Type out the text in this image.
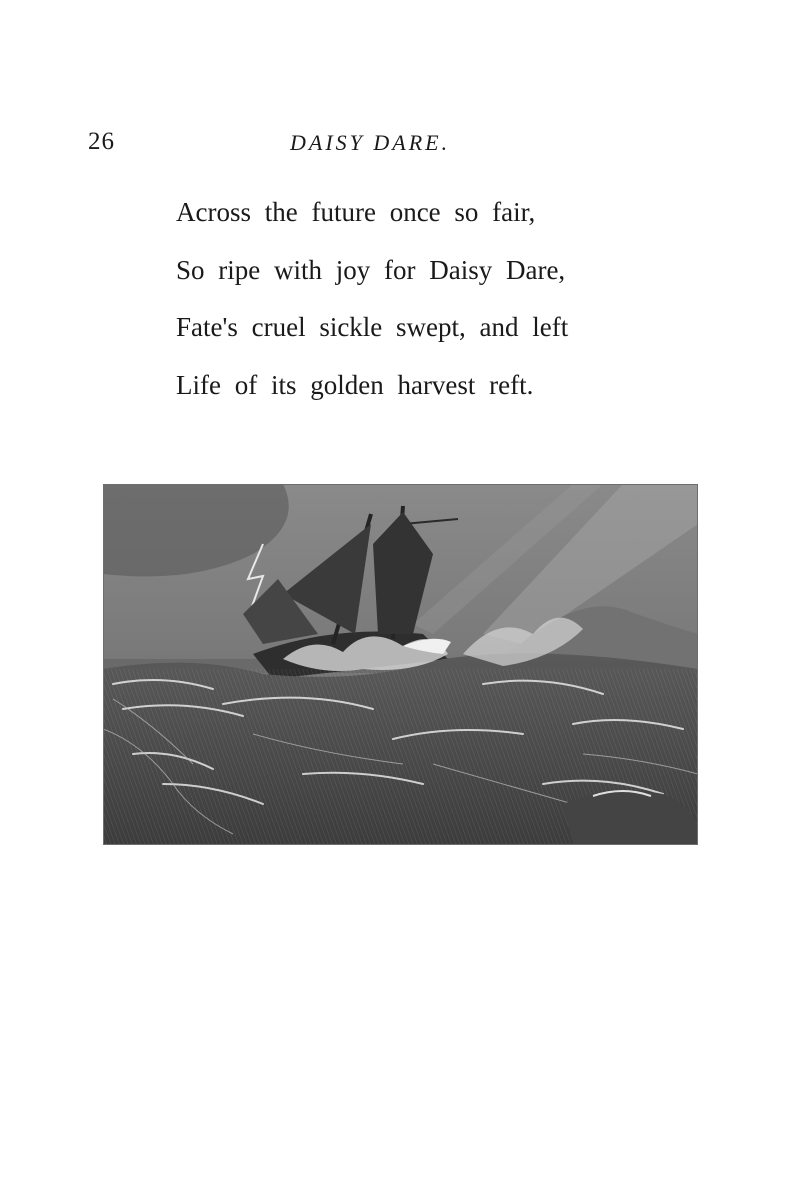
26	DAISY DARE.
Across the future once so fair,
So ripe with joy for Daisy Dare,
Fate's cruel sickle swept, and left
Life of its golden harvest reft.
